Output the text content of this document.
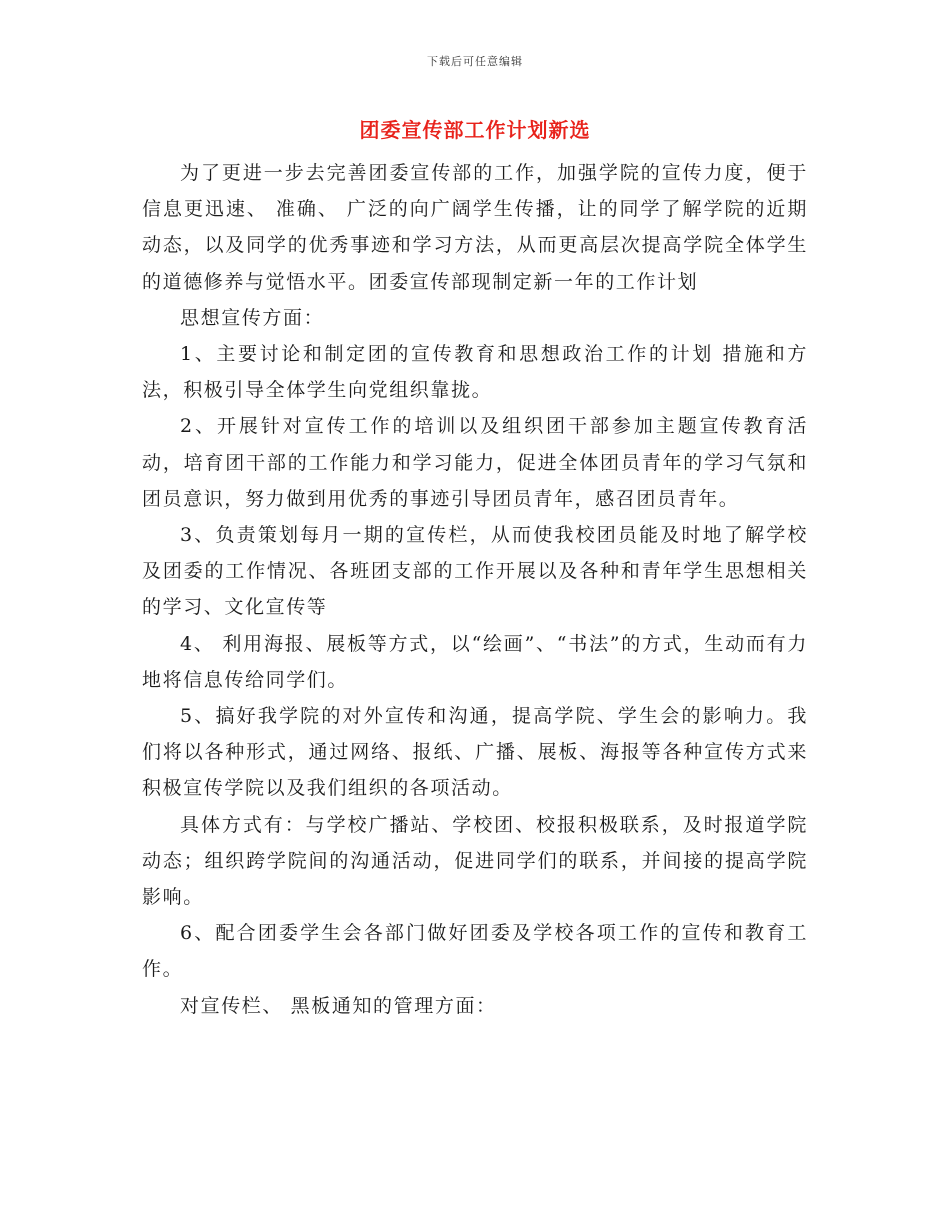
下载后可任意编辑
团委宣传部工作计划新选

为了更进一步去完善团委宣传部的工作，加强学院的宣传力度，便于信息更迅速、 准确、 广泛的向广阔学生传播，让的同学了解学院的近期动态，以及同学的优秀事迹和学习方法，从而更高层次提高学院全体学生的道德修养与觉悟水平。团委宣传部现制定新一年的工作计划

思想宣传方面：

1、主要讨论和制定团的宣传教育和思想政治工作的计划 措施和方法，积极引导全体学生向党组织靠拢。

2、开展针对宣传工作的培训以及组织团干部参加主题宣传教育活动，培育团干部的工作能力和学习能力，促进全体团员青年的学习气氛和团员意识，努力做到用优秀的事迹引导团员青年，感召团员青年。

3、负责策划每月一期的宣传栏，从而使我校团员能及时地了解学校及团委的工作情况、各班团支部的工作开展以及各种和青年学生思想相关的学习、文化宣传等

4、 利用海报、展板等方式，以“绘画”、“书法”的方式，生动而有力地将信息传给同学们。

5、搞好我学院的对外宣传和沟通，提高学院、学生会的影响力。我们将以各种形式，通过网络、报纸、广播、展板、海报等各种宣传方式来积极宣传学院以及我们组织的各项活动。

具体方式有：与学校广播站、学校团、校报积极联系，及时报道学院动态；组织跨学院间的沟通活动，促进同学们的联系，并间接的提高学院影响。

6、配合团委学生会各部门做好团委及学校各项工作的宣传和教育工作。

对宣传栏、 黑板通知的管理方面：
